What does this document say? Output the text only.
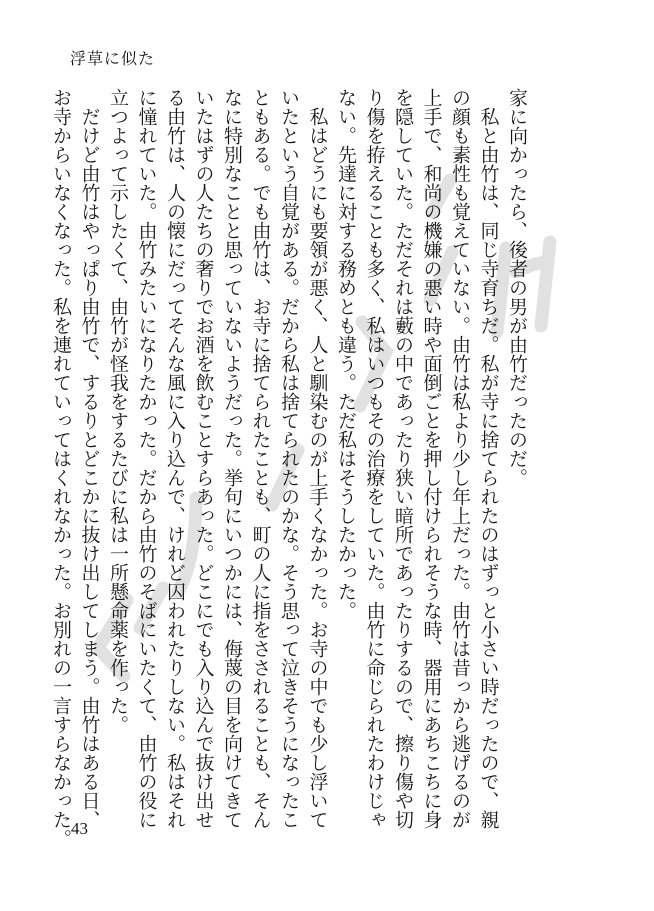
浮草に似た
家に向かったら、後者の男が由竹だったのだ。
　私と由竹は、同じ寺育ちだ。私が寺に捨てられたのはずっと小さい時だったので、親
の顔も素性も覚えていない。由竹は私より少し年上だった。由竹は昔っから逃げるのが
上手で、和尚の機嫌の悪い時や面倒ごとを押し付けられそうな時、器用にあちこちに身
を隠していた。ただそれは藪の中であったり狭い暗所であったりするので、擦り傷や切
り傷を拵えることも多く、私はいつもその治療をしていた。由竹に命じられたわけじゃ
ない。先達に対する務めとも違う。ただ私はそうしたかった。
　私はどうにも要領が悪く、人と馴染むのが上手くなかった。お寺の中でも少し浮いて
いたという自覚がある。だから私は捨てられたのかな。そう思って泣きそうになったこ
ともある。でも由竹は、お寺に捨てられたことも、町の人に指をさされることも、そん
なに特別なことと思っていないようだった。挙句にいつかには、侮蔑の目を向けてきて
いたはずの人たちの奢りでお酒を飲むことすらあった。どこにでも入り込んで抜け出せ
る由竹は、人の懐にだってそんな風に入り込んで、けれど囚われたりしない。私はそれ
に憧れていた。由竹みたいになりたかった。だから由竹のそばにいたくて、由竹の役に
立つよって示したくて、由竹が怪我をするたびに私は一所懸命薬を作った。
　だけど由竹はやっぱり由竹で、するりとどこかに抜け出してしまう。由竹はある日、
お寺からいなくなった。私を連れていってはくれなかった。お別れの一言すらなかった。 43
